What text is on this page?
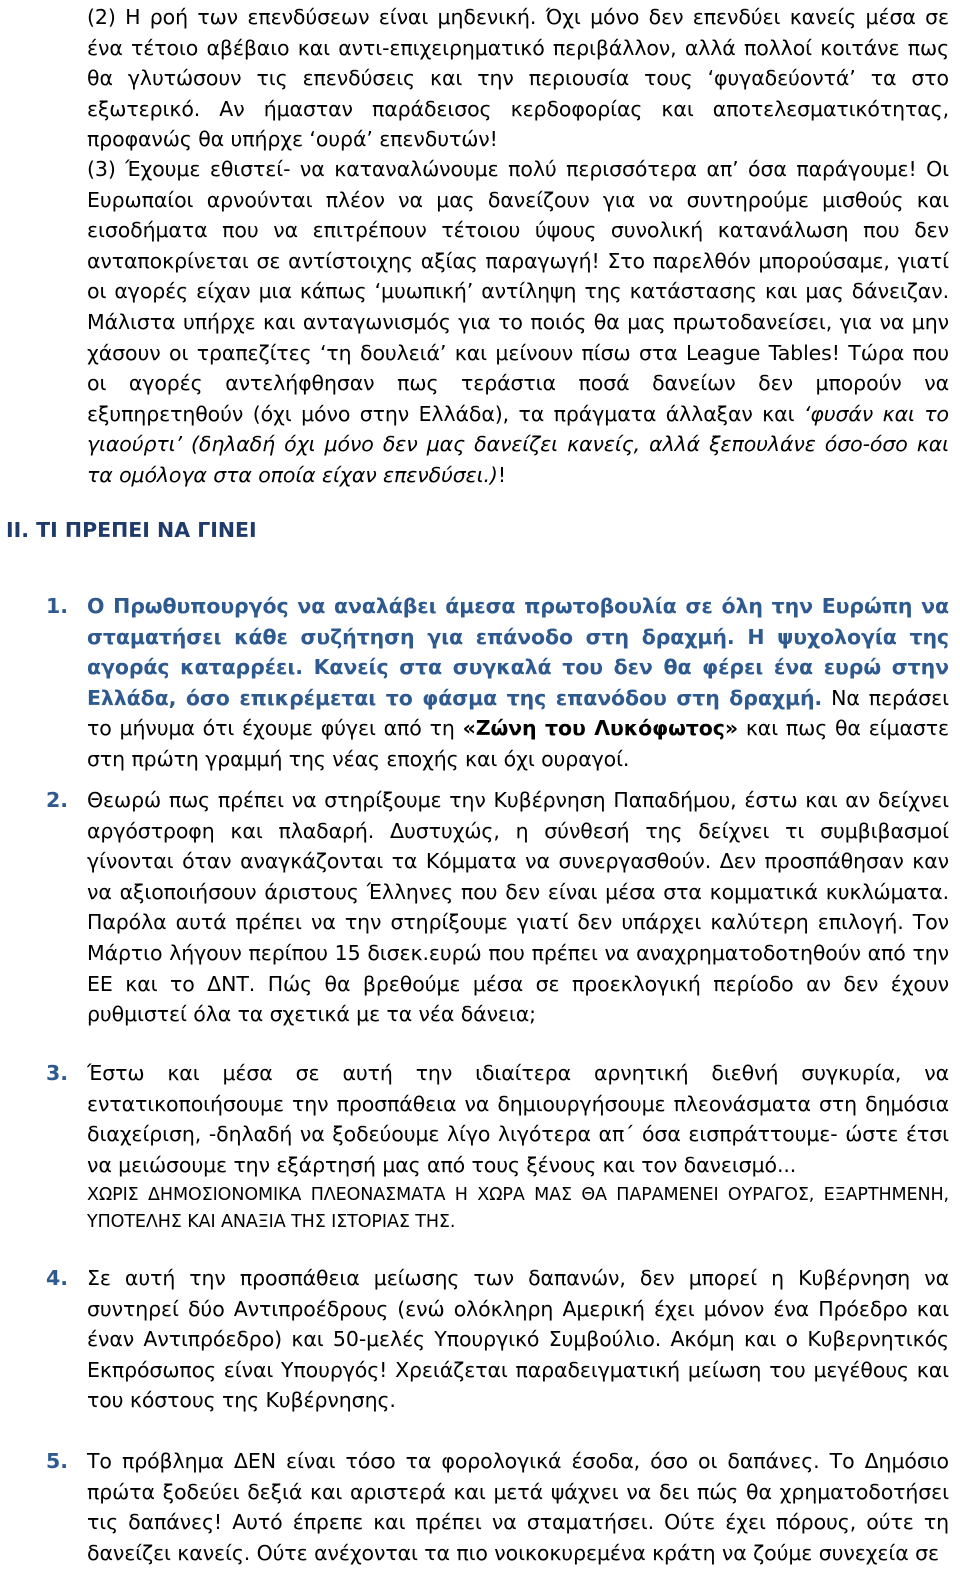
(2) Η ροή των επενδύσεων είναι μηδενική. Όχι μόνο δεν επενδύει κανείς μέσα σε ένα τέτοιο αβέβαιο και αντι-επιχειρηματικό περιβάλλον, αλλά πολλοί κοιτάνε πως θα γλυτώσουν τις επενδύσεις και την περιουσία τους ‘φυγαδεύοντά’ τα στο εξωτερικό. Αν ήμασταν παράδεισος κερδοφορίας και αποτελεσματικότητας, προφανώς θα υπήρχε ‘ουρά’ επενδυτών!

(3) Έχουμε εθιστεί- να καταναλώνουμε πολύ περισσότερα απ’ όσα παράγουμε! Οι Ευρωπαίοι αρνούνται πλέον να μας δανείζουν για να συντηρούμε μισθούς και εισοδήματα που να επιτρέπουν τέτοιου ύψους συνολική κατανάλωση που δεν ανταποκρίνεται σε αντίστοιχης αξίας παραγωγή! Στο παρελθόν μπορούσαμε, γιατί οι αγορές είχαν μια κάπως ‘μυωπική’ αντίληψη της κατάστασης και μας δάνειζαν. Μάλιστα υπήρχε και ανταγωνισμός για το ποιός θα μας πρωτοδανείσει, για να μην χάσουν οι τραπεζίτες ‘τη δουλειά’ και μείνουν πίσω στα League Tables! Τώρα που οι αγορές αντελήφθησαν πως τεράστια ποσά δανείων δεν μπορούν να εξυπηρετηθούν (όχι μόνο στην Ελλάδα), τα πράγματα άλλαξαν και ‘φυσάν και το γιαούρτι’ (δηλαδή όχι μόνο δεν μας δανείζει κανείς, αλλά ξεπουλάνε όσο-όσο και τα ομόλογα στα οποία είχαν επενδύσει.)!

II. ΤΙ ΠΡΕΠΕΙ ΝΑ ΓΙΝΕΙ
1. Ο Πρωθυπουργός να αναλάβει άμεσα πρωτοβουλία σε όλη την Ευρώπη να σταματήσει κάθε συζήτηση για επάνοδο στη δραχμή. Η ψυχολογία της αγοράς καταρρέει. Κανείς στα συγκαλά του δεν θα φέρει ένα ευρώ στην Ελλάδα, όσο επικρέμεται το φάσμα της επανόδου στη δραχμή. Να περάσει το μήνυμα ότι έχουμε φύγει από τη «Ζώνη του Λυκόφωτος» και πως θα είμαστε στη πρώτη γραμμή της νέας εποχής και όχι ουραγοί.

2. Θεωρώ πως πρέπει να στηρίξουμε την Κυβέρνηση Παπαδήμου, έστω και αν δείχνει αργόστροφη και πλαδαρή. Δυστυχώς, η σύνθεσή της δείχνει τι συμβιβασμοί γίνονται όταν αναγκάζονται τα Κόμματα να συνεργασθούν. Δεν προσπάθησαν καν να αξιοποιήσουν άριστους Έλληνες που δεν είναι μέσα στα κομματικά κυκλώματα. Παρόλα αυτά πρέπει να την στηρίξουμε γιατί δεν υπάρχει καλύτερη επιλογή. Τον Μάρτιο λήγουν περίπου 15 δισεκ.ευρώ που πρέπει να αναχρηματοδοτηθούν από την ΕΕ και το ΔΝΤ. Πώς θα βρεθούμε μέσα σε προεκλογική περίοδο αν δεν έχουν ρυθμιστεί όλα τα σχετικά με τα νέα δάνεια;

3. Έστω και μέσα σε αυτή την ιδιαίτερα αρνητική διεθνή συγκυρία, να εντατικοποιήσουμε την προσπάθεια να δημιουργήσουμε πλεονάσματα στη δημόσια διαχείριση, -δηλαδή να ξοδεύουμε λίγο λιγότερα απ΄ όσα εισπράττουμε- ώστε έτσι να μειώσουμε την εξάρτησή μας από τους ξένους και τον δανεισμό...

ΧΩΡΙΣ ΔΗΜΟΣΙΟΝΟΜΙΚΑ ΠΛΕΟΝΑΣΜΑΤΑ Η ΧΩΡΑ ΜΑΣ ΘΑ ΠΑΡΑΜΕΝΕΙ ΟΥΡΑΓΟΣ, ΕΞΑΡΤΗΜΕΝΗ, ΥΠΟΤΕΛΗΣ ΚΑΙ ΑΝΑΞΙΑ ΤΗΣ ΙΣΤΟΡΙΑΣ ΤΗΣ.

4. Σε αυτή την προσπάθεια μείωσης των δαπανών, δεν μπορεί η Κυβέρνηση να συντηρεί δύο Αντιπροέδρους (ενώ ολόκληρη Αμερική έχει μόνον ένα Πρόεδρο και έναν Αντιπρόεδρο) και 50-μελές Υπουργικό Συμβούλιο. Ακόμη και ο Κυβερνητικός Εκπρόσωπος είναι Υπουργός! Χρειάζεται παραδειγματική μείωση του μεγέθους και του κόστους της Κυβέρνησης.

5. Το πρόβλημα ΔΕΝ είναι τόσο τα φορολογικά έσοδα, όσο οι δαπάνες. Το Δημόσιο πρώτα ξοδεύει δεξιά και αριστερά και μετά ψάχνει να δει πώς θα χρηματοδοτήσει τις δαπάνες! Αυτό έπρεπε και πρέπει να σταματήσει. Ούτε έχει πόρους, ούτε τη δανείζει κανείς. Ούτε ανέχονται τα πιο νοικοκυρεμένα κράτη να ζούμε συνεχεία σε
